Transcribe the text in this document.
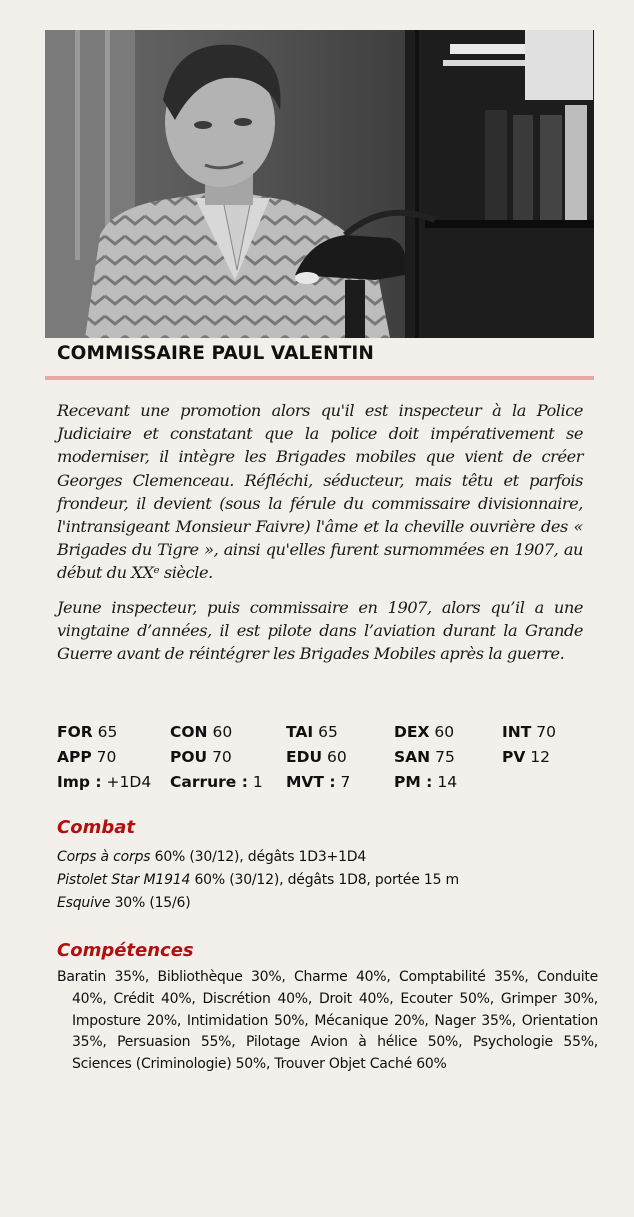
COMMISSAIRE PAUL VALENTIN

Recevant une promotion alors qu'il est inspecteur à la Police Judiciaire et constatant que la police doit impérativement se moderniser, il intègre les Brigades mobiles que vient de créer Georges Clemenceau. Réfléchi, séducteur, mais têtu et parfois frondeur, il devient (sous la férule du commissaire divisionnaire, l'intransigeant Monsieur Faivre) l'âme et la cheville ouvrière des « Brigades du Tigre », ainsi qu'elles furent surnommées en 1907, au début du XXᵉ siècle.

Jeune inspecteur, puis commissaire en 1907, alors qu’il a une vingtaine d’années, il est pilote dans l’aviation durant la Grande Guerre avant de réintégrer les Brigades Mobiles après la guerre.

FOR 65	CON 60	TAI 65	DEX 60	INT 70
APP 70	POU 70	EDU 60	SAN 75	PV 12
Imp : +1D4 Carrure : 1 MVT : 7	PM : 14
Combat
Corps à corps 60% (30/12), dégâts 1D3+1D4
Pistolet Star M1914 60% (30/12), dégâts 1D8, portée 15 m
Esquive 30% (15/6)
Compétences
Baratin 35%, Bibliothèque 30%, Charme 40%, Comptabilité 35%, Conduite 40%, Crédit 40%, Discrétion 40%, Droit 40%, Ecouter 50%, Grimper 30%, Imposture 20%, Intimidation 50%, Mécanique 20%, Nager 35%, Orientation 35%, Persuasion 55%, Pilotage Avion à hélice 50%, Psychologie 55%, Sciences (Criminologie) 50%, Trouver Objet Caché 60%
